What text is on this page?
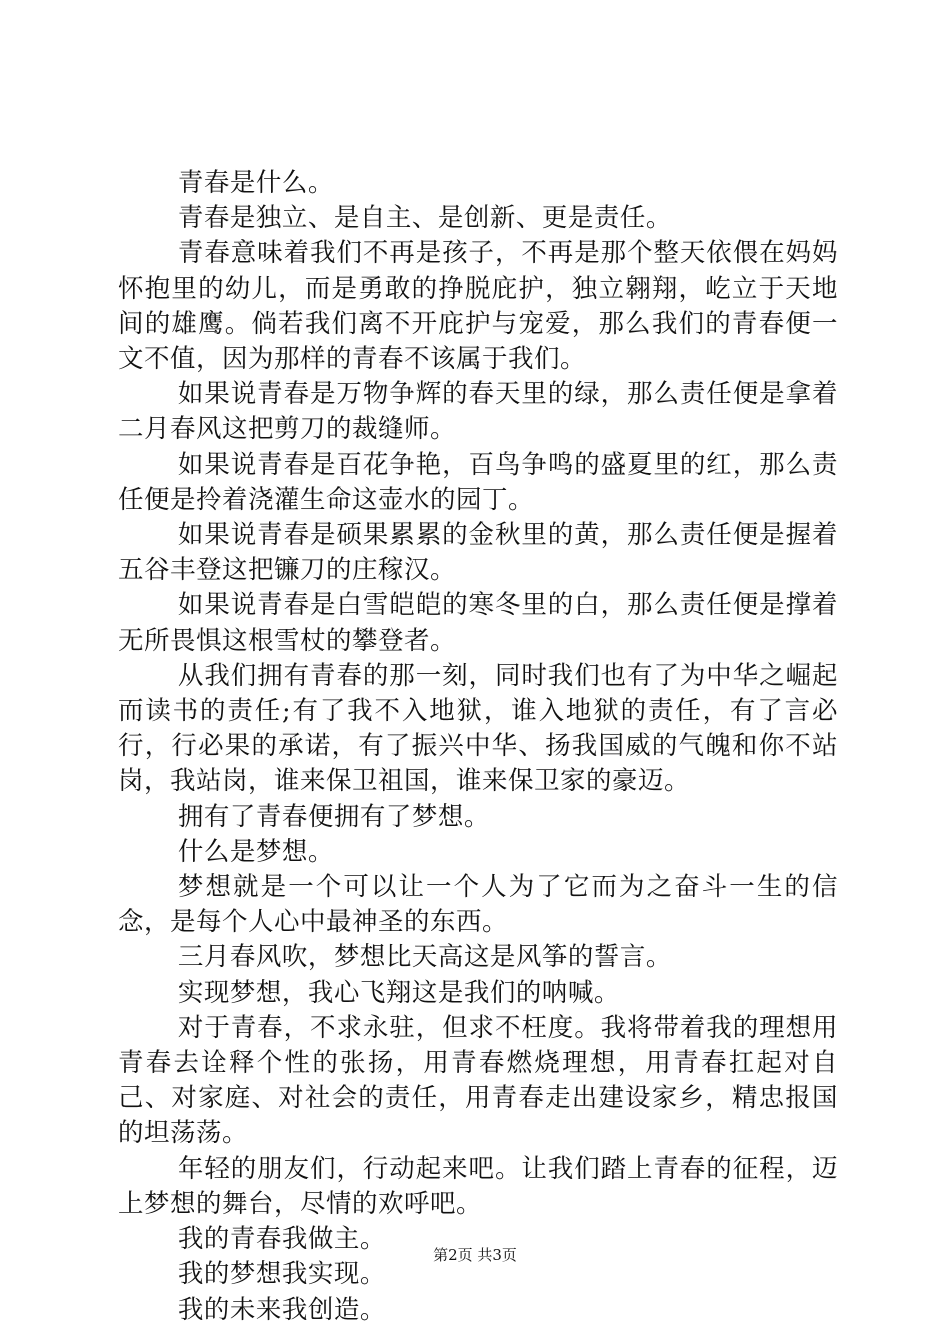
青春是什么。

青春是独立、是自主、是创新、更是责任。

青春意味着我们不再是孩子，不再是那个整天依偎在妈妈怀抱里的幼儿，而是勇敢的挣脱庇护，独立翱翔，屹立于天地间的雄鹰。倘若我们离不开庇护与宠爱，那么我们的青春便一文不值，因为那样的青春不该属于我们。

如果说青春是万物争辉的春天里的绿，那么责任便是拿着二月春风这把剪刀的裁缝师。

如果说青春是百花争艳，百鸟争鸣的盛夏里的红，那么责任便是拎着浇灌生命这壶水的园丁。

如果说青春是硕果累累的金秋里的黄，那么责任便是握着五谷丰登这把镰刀的庄稼汉。

如果说青春是白雪皑皑的寒冬里的白，那么责任便是撑着无所畏惧这根雪杖的攀登者。

从我们拥有青春的那一刻，同时我们也有了为中华之崛起而读书的责任;有了我不入地狱，谁入地狱的责任，有了言必行，行必果的承诺，有了振兴中华、扬我国威的气魄和你不站岗，我站岗，谁来保卫祖国，谁来保卫家的豪迈。

拥有了青春便拥有了梦想。

什么是梦想。

梦想就是一个可以让一个人为了它而为之奋斗一生的信念，是每个人心中最神圣的东西。

三月春风吹，梦想比天高这是风筝的誓言。

实现梦想，我心飞翔这是我们的呐喊。

对于青春，不求永驻，但求不枉度。我将带着我的理想用青春去诠释个性的张扬，用青春燃烧理想，用青春扛起对自己、对家庭、对社会的责任，用青春走出建设家乡，精忠报国的坦荡荡。

年轻的朋友们，行动起来吧。让我们踏上青春的征程，迈上梦想的舞台，尽情的欢呼吧。

我的青春我做主。

我的梦想我实现。

我的未来我创造。

第2页 共3页
